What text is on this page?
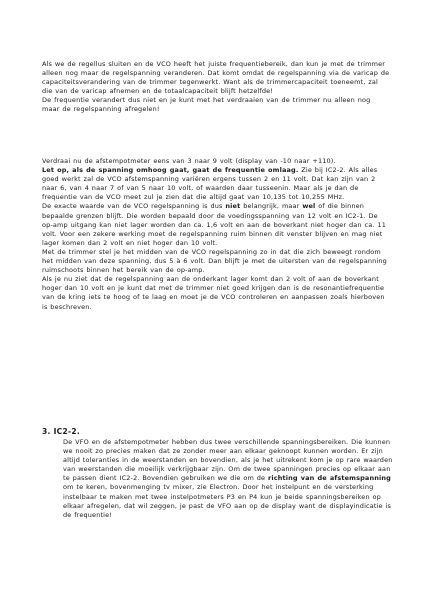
Als we de regellus sluiten en de VCO heeft het juiste frequentiebereik, dan kun je met de trimmer alleen nog maar de regelspanning veranderen. Dat komt omdat de regelspanning via de varicap de capaciteitsverandering van de trimmer tegenwerkt. Want als de trimmercapaciteit toeneemt, zal die van de varicap afnemen en de totaalcapaciteit blijft hetzelfde!

De frequentie verandert dus niet en je kunt met het verdraaien van de trimmer nu alleen nog maar de regelspanning afregelen!

Verdraai nu de afstempotmeter eens van 3 naar 9 volt (display van -10 naar +110).
Let op, als de spanning omhoog gaat, gaat de frequentie omlaag. Zie bij IC2-2. Als alles goed werkt zal de VCO afstemspanning variëren ergens tussen 2 en 11 volt. Dat kan zijn van 2 naar 6, van 4 naar 7 of van 5 naar 10 volt, of waarden daar tusseenin. Maar als je dan de frequentie van de VCO meet zul je zien dat die altijd gaat van 10,135 tot 10,255 MHz.

De exacte waarde van de VCO regelspanning is dus niet belangrijk, maar wel of die binnen bepaalde grenzen blijft. Die worden bepaald door de voedingsspanning van 12 volt en IC2-1. De op-amp uitgang kan niet lager worden dan ca. 1,6 volt en aan de boverkant niet hoger dan ca. 11 volt. Voor een zekere werking moet de regelspanning ruim binnen dit venster blijven en mag niet lager komen dan 2 volt en niet hoger dan 10 volt.

Met de trimmer stel je het midden van de VCO regelspanning zo in dat die zich beweegt rondom het midden van deze spanning, dus 5 à 6 volt. Dan blijft je met de uitersten van de regelspanning ruimschoots binnen het bereik van de op-amp.

Als je nu ziet dat de regelspanning aan de onderkant lager komt dan 2 volt of aan de boverkant hoger dan 10 volt en je kunt dat met de trimmer niet goed krijgen dan is de resonantiefrequentie van de kring iets te hoog of te laag en moet je de VCO controleren en aanpassen zoals hierboven is beschreven.

3. IC2-2.

De VFO en de afstempotmeter hebben dus twee verschillende spanningsbereiken. Die kunnen we nooit zo precies maken dat ze zonder meer aan elkaar geknoopt kunnen worden. Er zijn altijd toleranties in de weerstanden en bovendien, als je het uitrekent kom je op rare waarden van weerstanden die moeilijk verkrijgbaar zijn. Om de twee spanningen precies op elkaar aan te passen dient IC2-2. Bovendien gebruiken we die om de richting van de afstemspanning om te keren, bovenmenging tv mixer, zie Electron. Door het instelpunt en de versterking instelbaar te maken met twee instelpotmeters P3 en P4 kun je beide spanningsbereiken op elkaar afregelen, dat wil zeggen, je past de VFO aan op de display want de displayindicatie is de frequentie!
